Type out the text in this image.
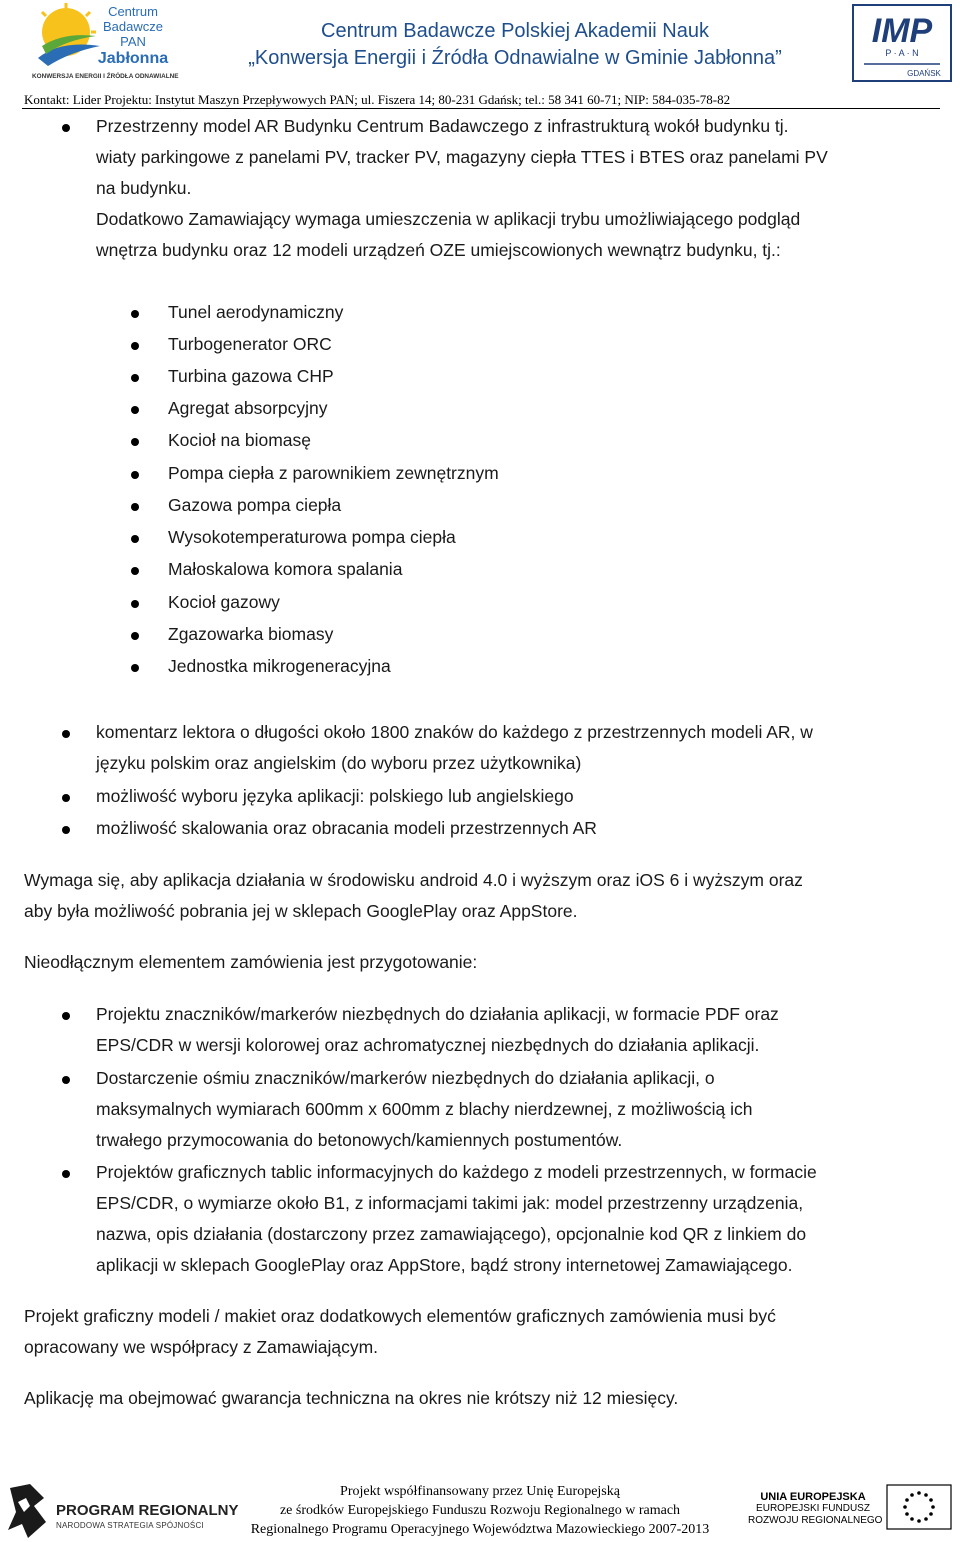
Centrum
Badawcze
PAN
Jabłonna
KONWERSJA ENERGII I ŹRÓDŁA ODNAWIALNE
Centrum Badawcze Polskiej Akademii Nauk
„Konwersja Energii i Źródła Odnawialne w Gminie Jabłonna”
IMP
P · A · N
GDAŃSK
Kontakt: Lider Projektu: Instytut Maszyn Przepływowych PAN; ul. Fiszera 14; 80-231 Gdańsk; tel.: 58 341 60-71; NIP: 584-035-78-82
Przestrzenny model AR Budynku Centrum Badawczego z infrastrukturą wokół budynku tj.
wiaty parkingowe z panelami PV, tracker PV, magazyny ciepła TTES i BTES oraz panelami PV
na budynku.
Dodatkowo Zamawiający wymaga umieszczenia w aplikacji trybu umożliwiającego podgląd
wnętrza budynku oraz 12 modeli urządzeń OZE umiejscowionych wewnątrz budynku, tj.:
Tunel aerodynamiczny
Turbogenerator ORC
Turbina gazowa CHP
Agregat absorpcyjny
Kocioł na biomasę
Pompa ciepła z parownikiem zewnętrznym
Gazowa pompa ciepła
Wysokotemperaturowa pompa ciepła
Małoskalowa komora spalania
Kocioł gazowy
Zgazowarka biomasy
Jednostka mikrogeneracyjna
komentarz lektora o długości około 1800 znaków do każdego z przestrzennych modeli AR, w
języku polskim oraz angielskim (do wyboru przez użytkownika)
możliwość wyboru języka aplikacji: polskiego lub angielskiego
możliwość skalowania oraz obracania modeli przestrzennych AR
Wymaga się, aby aplikacja działania w środowisku android 4.0 i wyższym oraz iOS 6 i wyższym oraz
aby była możliwość pobrania jej w sklepach GooglePlay oraz AppStore.
Nieodłącznym elementem zamówienia jest przygotowanie:
Projektu znaczników/markerów niezbędnych do działania aplikacji, w formacie PDF oraz
EPS/CDR w wersji kolorowej oraz achromatycznej niezbędnych do działania aplikacji.
Dostarczenie ośmiu znaczników/markerów niezbędnych do działania aplikacji, o
maksymalnych wymiarach 600mm x 600mm z blachy nierdzewnej, z możliwością ich
trwałego przymocowania do betonowych/kamiennych postumentów.
Projektów graficznych tablic informacyjnych do każdego z modeli przestrzennych, w formacie
EPS/CDR, o wymiarze około B1, z informacjami takimi jak: model przestrzenny urządzenia,
nazwa, opis działania (dostarczony przez zamawiającego), opcjonalnie kod QR z linkiem do
aplikacji w sklepach GooglePlay oraz AppStore, bądź strony internetowej Zamawiającego.
Projekt graficzny modeli / makiet oraz dodatkowych elementów graficznych zamówienia musi być
opracowany we współpracy z Zamawiającym.
Aplikację ma obejmować gwarancja techniczna na okres nie krótszy niż 12 miesięcy.
PROGRAM REGIONALNY
NARODOWA STRATEGIA SPÓJNOŚCI
Projekt współfinansowany przez Unię Europejską
ze środków Europejskiego Funduszu Rozwoju Regionalnego w ramach
Regionalnego Programu Operacyjnego Województwa Mazowieckiego 2007-2013
UNIA EUROPEJSKA
EUROPEJSKI FUNDUSZ
ROZWOJU REGIONALNEGO
